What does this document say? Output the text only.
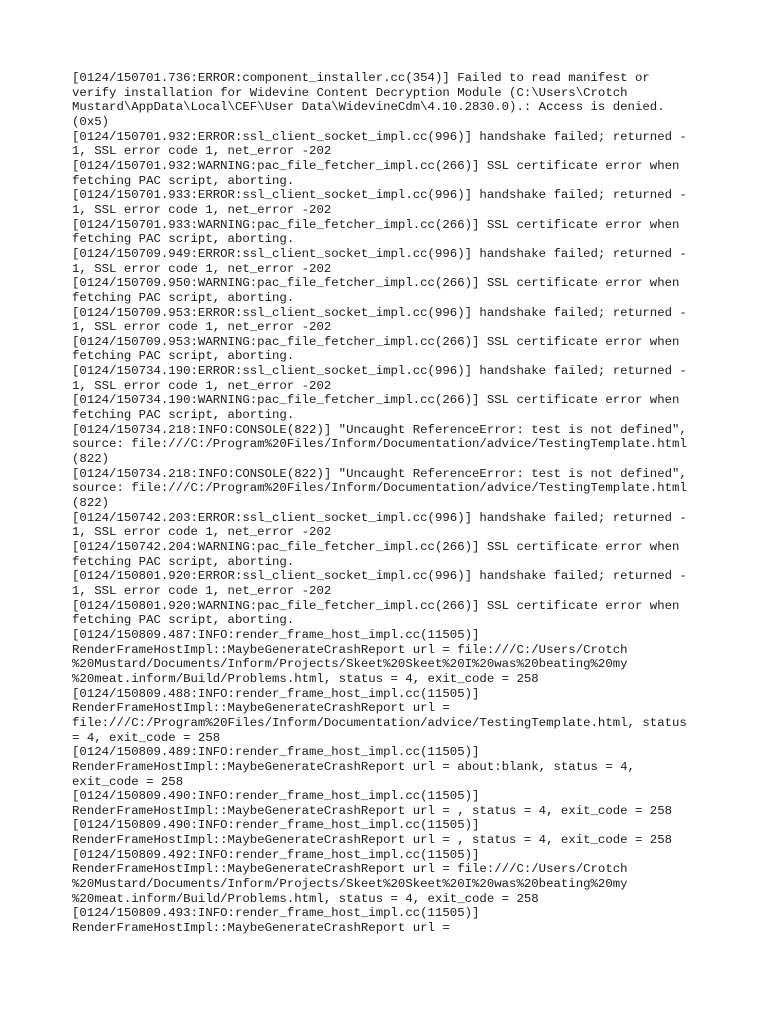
[0124/150701.736:ERROR:component_installer.cc(354)] Failed to read manifest or
verify installation for Widevine Content Decryption Module (C:\Users\Crotch
Mustard\AppData\Local\CEF\User Data\WidevineCdm\4.10.2830.0).: Access is denied.
(0x5)
[0124/150701.932:ERROR:ssl_client_socket_impl.cc(996)] handshake failed; returned -
1, SSL error code 1, net_error -202
[0124/150701.932:WARNING:pac_file_fetcher_impl.cc(266)] SSL certificate error when
fetching PAC script, aborting.
[0124/150701.933:ERROR:ssl_client_socket_impl.cc(996)] handshake failed; returned -
1, SSL error code 1, net_error -202
[0124/150701.933:WARNING:pac_file_fetcher_impl.cc(266)] SSL certificate error when
fetching PAC script, aborting.
[0124/150709.949:ERROR:ssl_client_socket_impl.cc(996)] handshake failed; returned -
1, SSL error code 1, net_error -202
[0124/150709.950:WARNING:pac_file_fetcher_impl.cc(266)] SSL certificate error when
fetching PAC script, aborting.
[0124/150709.953:ERROR:ssl_client_socket_impl.cc(996)] handshake failed; returned -
1, SSL error code 1, net_error -202
[0124/150709.953:WARNING:pac_file_fetcher_impl.cc(266)] SSL certificate error when
fetching PAC script, aborting.
[0124/150734.190:ERROR:ssl_client_socket_impl.cc(996)] handshake failed; returned -
1, SSL error code 1, net_error -202
[0124/150734.190:WARNING:pac_file_fetcher_impl.cc(266)] SSL certificate error when
fetching PAC script, aborting.
[0124/150734.218:INFO:CONSOLE(822)] "Uncaught ReferenceError: test is not defined",
source: file:///C:/Program%20Files/Inform/Documentation/advice/TestingTemplate.html
(822)
[0124/150734.218:INFO:CONSOLE(822)] "Uncaught ReferenceError: test is not defined",
source: file:///C:/Program%20Files/Inform/Documentation/advice/TestingTemplate.html
(822)
[0124/150742.203:ERROR:ssl_client_socket_impl.cc(996)] handshake failed; returned -
1, SSL error code 1, net_error -202
[0124/150742.204:WARNING:pac_file_fetcher_impl.cc(266)] SSL certificate error when
fetching PAC script, aborting.
[0124/150801.920:ERROR:ssl_client_socket_impl.cc(996)] handshake failed; returned -
1, SSL error code 1, net_error -202
[0124/150801.920:WARNING:pac_file_fetcher_impl.cc(266)] SSL certificate error when
fetching PAC script, aborting.
[0124/150809.487:INFO:render_frame_host_impl.cc(11505)]
RenderFrameHostImpl::MaybeGenerateCrashReport url = file:///C:/Users/Crotch
%20Mustard/Documents/Inform/Projects/Skeet%20Skeet%20I%20was%20beating%20my
%20meat.inform/Build/Problems.html, status = 4, exit_code = 258
[0124/150809.488:INFO:render_frame_host_impl.cc(11505)]
RenderFrameHostImpl::MaybeGenerateCrashReport url =
file:///C:/Program%20Files/Inform/Documentation/advice/TestingTemplate.html, status
= 4, exit_code = 258
[0124/150809.489:INFO:render_frame_host_impl.cc(11505)]
RenderFrameHostImpl::MaybeGenerateCrashReport url = about:blank, status = 4,
exit_code = 258
[0124/150809.490:INFO:render_frame_host_impl.cc(11505)]
RenderFrameHostImpl::MaybeGenerateCrashReport url = , status = 4, exit_code = 258
[0124/150809.490:INFO:render_frame_host_impl.cc(11505)]
RenderFrameHostImpl::MaybeGenerateCrashReport url = , status = 4, exit_code = 258
[0124/150809.492:INFO:render_frame_host_impl.cc(11505)]
RenderFrameHostImpl::MaybeGenerateCrashReport url = file:///C:/Users/Crotch
%20Mustard/Documents/Inform/Projects/Skeet%20Skeet%20I%20was%20beating%20my
%20meat.inform/Build/Problems.html, status = 4, exit_code = 258
[0124/150809.493:INFO:render_frame_host_impl.cc(11505)]
RenderFrameHostImpl::MaybeGenerateCrashReport url =
